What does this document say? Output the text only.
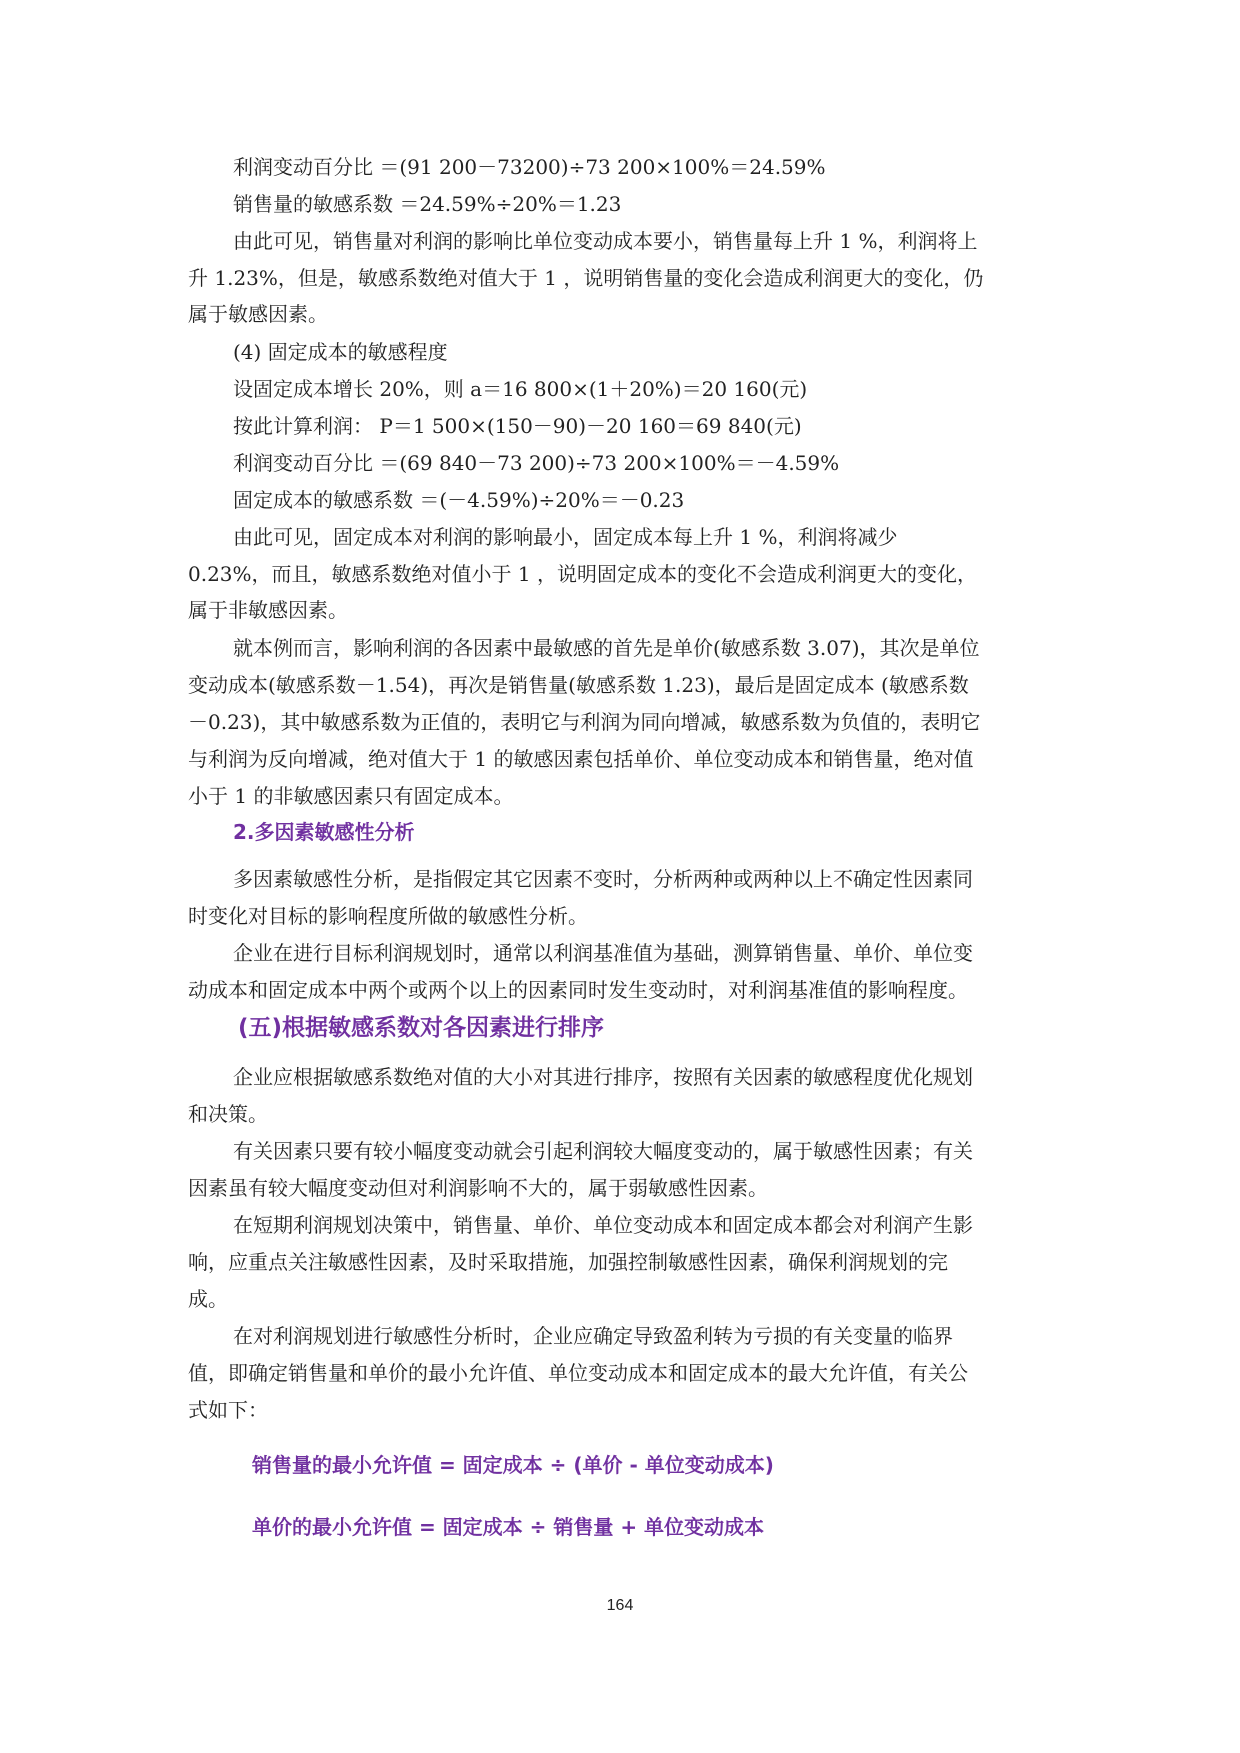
利润变动百分比 ＝(91 200－73200)÷73 200×100%＝24.59%
销售量的敏感系数 ＝24.59%÷20%＝1.23
由此可见，销售量对利润的影响比单位变动成本要小，销售量每上升 1 %，利润将上
升 1.23%，但是，敏感系数绝对值大于 1 ，说明销售量的变化会造成利润更大的变化，仍
属于敏感因素。
(4) 固定成本的敏感程度
设固定成本增长 20%，则 a＝16 800×(1＋20%)＝20 160(元)
按此计算利润： P＝1 500×(150－90)－20 160＝69 840(元)
利润变动百分比 ＝(69 840－73 200)÷73 200×100%＝－4.59%
固定成本的敏感系数 ＝(－4.59%)÷20%＝－0.23
由此可见，固定成本对利润的影响最小，固定成本每上升 1 %，利润将减少
0.23%，而且，敏感系数绝对值小于 1 ，说明固定成本的变化不会造成利润更大的变化，
属于非敏感因素。
就本例而言，影响利润的各因素中最敏感的首先是单价(敏感系数 3.07)，其次是单位
变动成本(敏感系数－1.54)，再次是销售量(敏感系数 1.23)，最后是固定成本 (敏感系数
－0.23)，其中敏感系数为正值的，表明它与利润为同向增减，敏感系数为负值的，表明它
与利润为反向增减，绝对值大于 1 的敏感因素包括单价、单位变动成本和销售量，绝对值
小于 1 的非敏感因素只有固定成本。
2.多因素敏感性分析
多因素敏感性分析，是指假定其它因素不变时，分析两种或两种以上不确定性因素同
时变化对目标的影响程度所做的敏感性分析。
企业在进行目标利润规划时，通常以利润基准值为基础，测算销售量、单价、单位变
动成本和固定成本中两个或两个以上的因素同时发生变动时，对利润基准值的影响程度。
(五)根据敏感系数对各因素进行排序
企业应根据敏感系数绝对值的大小对其进行排序，按照有关因素的敏感程度优化规划
和决策。
有关因素只要有较小幅度变动就会引起利润较大幅度变动的，属于敏感性因素；有关
因素虽有较大幅度变动但对利润影响不大的，属于弱敏感性因素。
在短期利润规划决策中，销售量、单价、单位变动成本和固定成本都会对利润产生影
响，应重点关注敏感性因素，及时采取措施，加强控制敏感性因素，确保利润规划的完
成。
在对利润规划进行敏感性分析时，企业应确定导致盈利转为亏损的有关变量的临界
值，即确定销售量和单价的最小允许值、单位变动成本和固定成本的最大允许值，有关公
式如下：
销售量的最小允许值 = 固定成本 ÷ (单价 - 单位变动成本)
单价的最小允许值 = 固定成本 ÷ 销售量 + 单位变动成本
164
